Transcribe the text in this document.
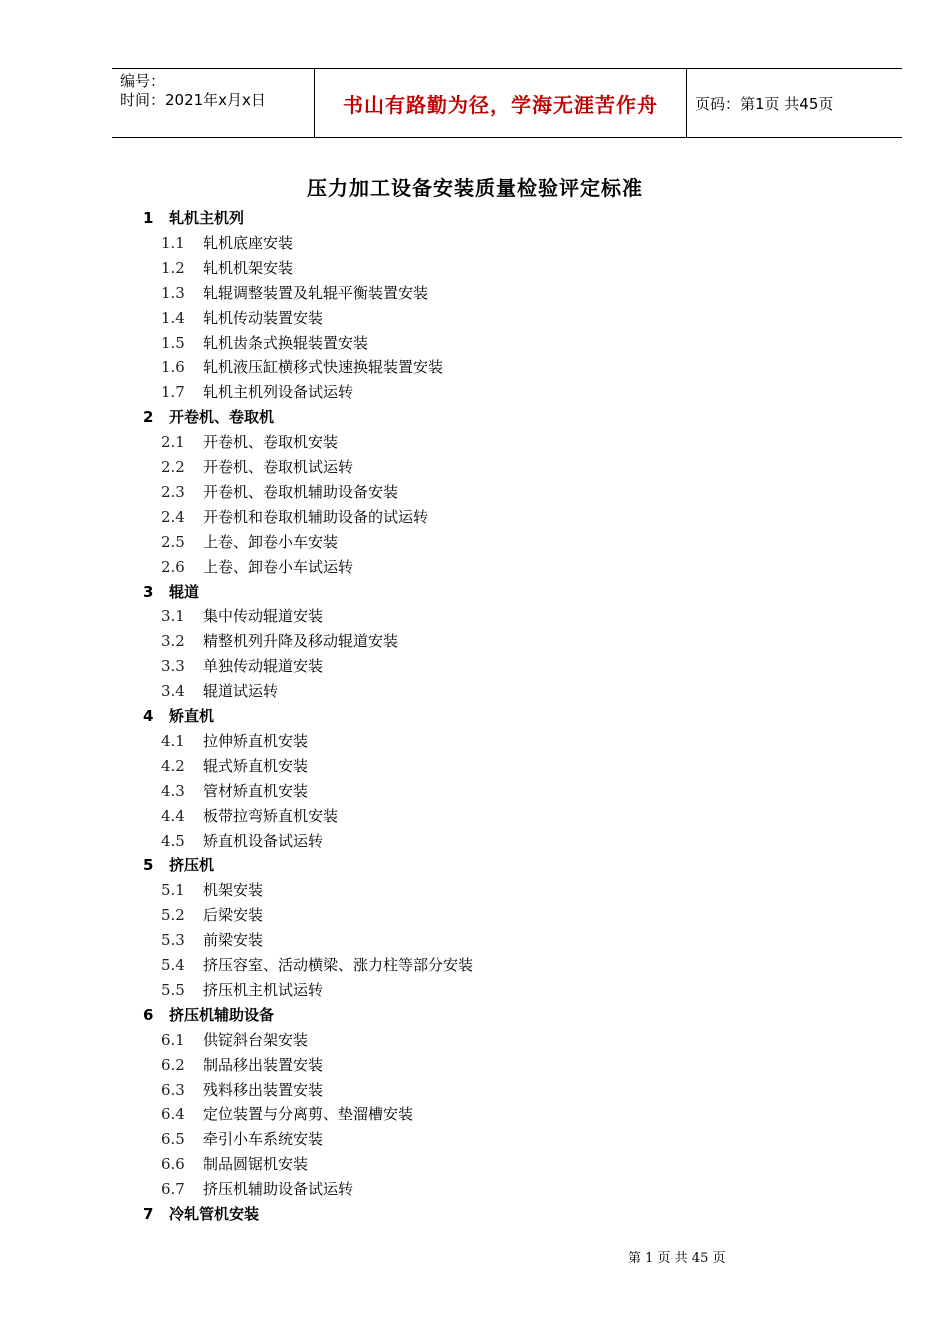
编号：
时间：2021年x月x日	书山有路勤为径，学海无涯苦作舟 页码：第1页 共45页
压力加工设备安装质量检验评定标准
1 轧机主机列
1.1 轧机底座安装
1.2 轧机机架安装
1.3 轧辊调整装置及轧辊平衡装置安装
1.4 轧机传动装置安装
1.5 轧机齿条式换辊装置安装
1.6 轧机液压缸横移式快速换辊装置安装
1.7 轧机主机列设备试运转
2 开卷机、卷取机
2.1 开卷机、卷取机安装
2.2 开卷机、卷取机试运转
2.3 开卷机、卷取机辅助设备安装
2.4 开卷机和卷取机辅助设备的试运转
2.5 上卷、卸卷小车安装
2.6 上卷、卸卷小车试运转
3 辊道
3.1 集中传动辊道安装
3.2 精整机列升降及移动辊道安装
3.3 单独传动辊道安装
3.4 辊道试运转
4 矫直机
4.1 拉伸矫直机安装
4.2 辊式矫直机安装
4.3 管材矫直机安装
4.4 板带拉弯矫直机安装
4.5 矫直机设备试运转
5 挤压机
5.1 机架安装
5.2 后梁安装
5.3 前梁安装
5.4 挤压容室、活动横梁、涨力柱等部分安装
5.5 挤压机主机试运转
6 挤压机辅助设备
6.1 供锭斜台架安装
6.2 制品移出装置安装
6.3 残料移出装置安装
6.4 定位装置与分离剪、垫溜槽安装
6.5 牵引小车系统安装
6.6 制品圆锯机安装
6.7 挤压机辅助设备试运转
7 冷轧管机安装
第 1 页 共 45 页
